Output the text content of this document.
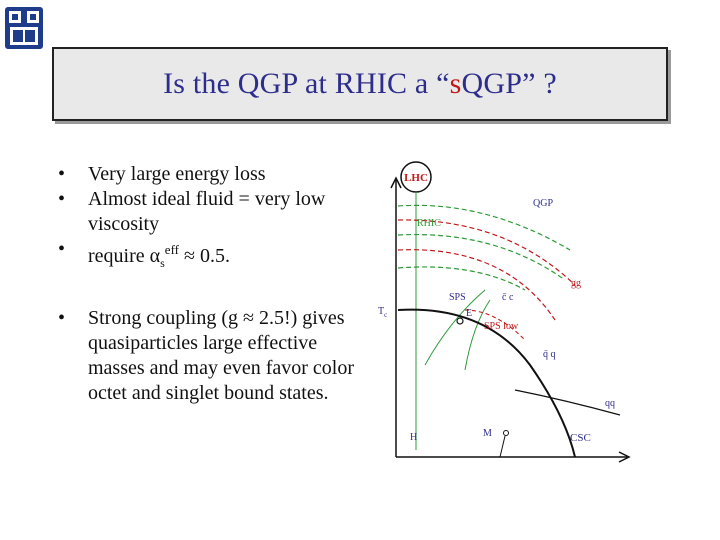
Is the QGP at RHIC a “sQGP” ?
• Very large energy loss
• Almost ideal fluid = very low viscosity
• require $\alpha_s^{eff} \approx 0.5$.
• Strong coupling (g ≈ 2.5!) gives quasiparticles large effective masses and may even favor color octet and singlet bound states.
LHC
QGP
RHIC
gg
SPS	c̄ c
$T_c$	E
SPS low
q̄ q
qq
H	M	CSC
